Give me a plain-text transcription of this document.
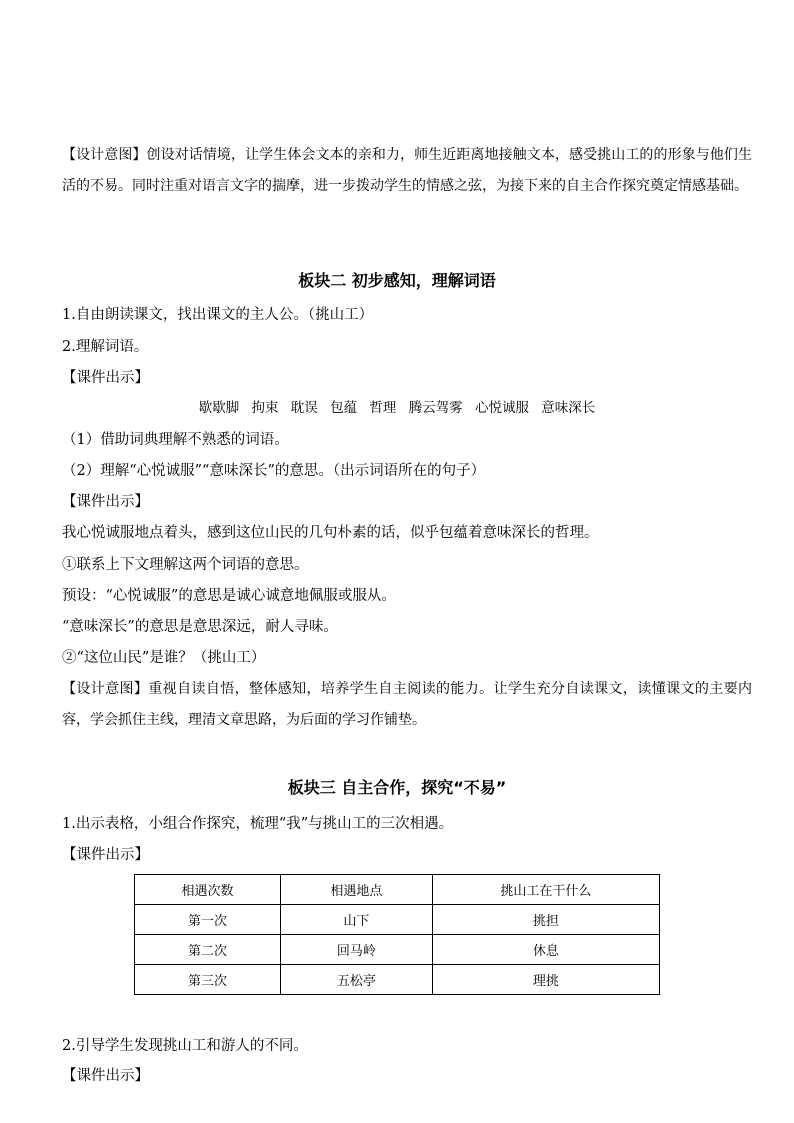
【设计意图】创设对话情境，让学生体会文本的亲和力，师生近距离地接触文本，感受挑山工的的形象与他们生活的不易。同时注重对语言文字的揣摩，进一步拨动学生的情感之弦，为接下来的自主合作探究奠定情感基础。
板块二 初步感知，理解词语
1.自由朗读课文，找出课文的主人公。（挑山工）
2.理解词语。
【课件出示】
歇歇脚 拘束 耽误 包蕴 哲理 腾云驾雾 心悦诚服 意味深长
（1）借助词典理解不熟悉的词语。
（2）理解“心悦诚服”“意味深长”的意思。（出示词语所在的句子）
【课件出示】
我心悦诚服地点着头，感到这位山民的几句朴素的话，似乎包蕴着意味深长的哲理。
①联系上下文理解这两个词语的意思。
预设：“心悦诚服”的意思是诚心诚意地佩服或服从。
“意味深长”的意思是意思深远，耐人寻味。
②“这位山民”是谁？（挑山工）
【设计意图】重视自读自悟，整体感知，培养学生自主阅读的能力。让学生充分自读课文，读懂课文的主要内容，学会抓住主线，理清文章思路，为后面的学习作铺垫。
板块三 自主合作，探究“不易”
1.出示表格，小组合作探究，梳理“我”与挑山工的三次相遇。
【课件出示】
相遇次数	相遇地点	挑山工在干什么
第一次	山下	挑担
第二次	回马岭	休息
第三次	五松亭	理挑
2.引导学生发现挑山工和游人的不同。
【课件出示】
